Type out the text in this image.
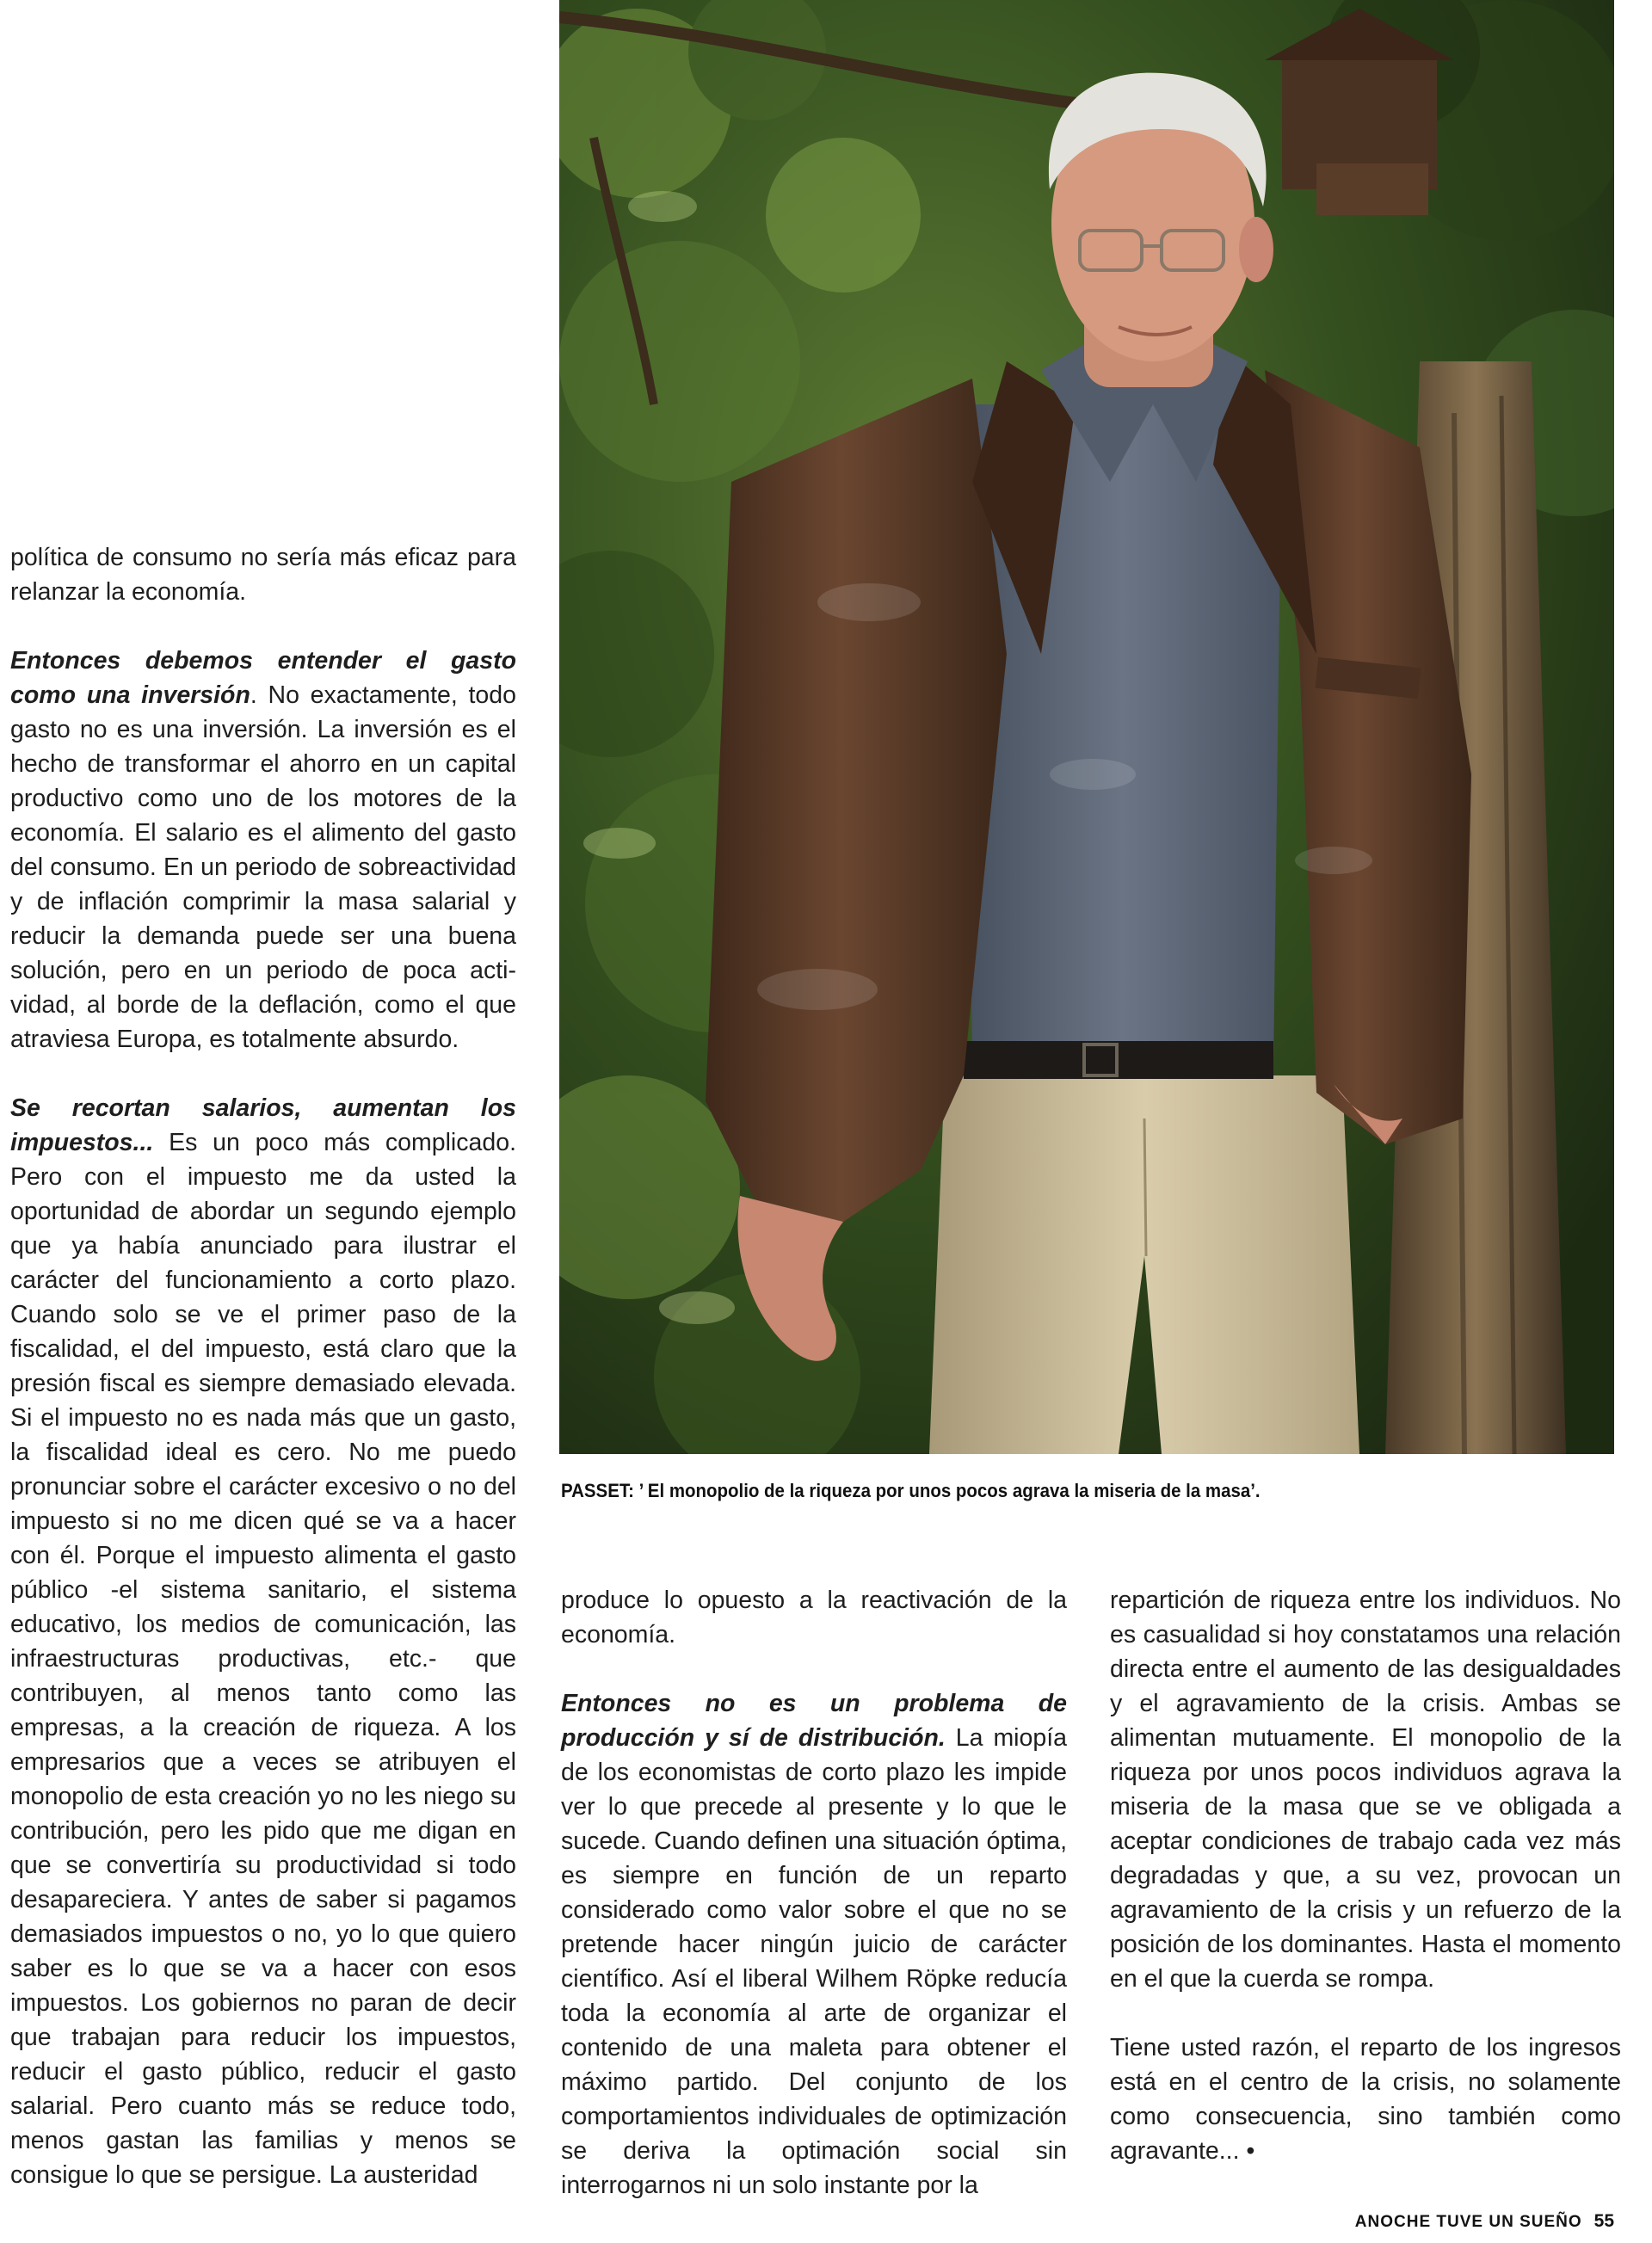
política de consumo no sería más eficaz para relanzar la economía.

Entonces debemos entender el gasto como una inversión. No exactamente, todo gasto no es una inversión. La inversión es el hecho de transformar el ahorro en un capital productivo como uno de los motores de la economía. El salario es el alimento del gasto del consumo. En un periodo de sobreactividad y de inflación comprimir la masa salarial y reducir la demanda puede ser una buena solución, pero en un periodo de poca actividad, al borde de la deflación, como el que atraviesa Europa, es totalmente absurdo.

Se recortan salarios, aumentan los impuestos... Es un poco más complicado. Pero con el impuesto me da usted la oportunidad de abordar un segundo ejemplo que ya había anunciado para ilustrar el carácter del funcionamiento a corto plazo. Cuando solo se ve el primer paso de la fiscalidad, el del impuesto, está claro que la presión fiscal es siempre demasiado elevada. Si el impuesto no es nada más que un gasto, la fiscalidad ideal es cero. No me puedo pronunciar sobre el carácter excesivo o no del impuesto si no me dicen qué se va a hacer con él. Porque el impuesto alimenta el gasto público -el sistema sanitario, el sistema educativo, los medios de comunicación, las infraestructuras productivas, etc.- que contribuyen, al menos tanto como las empresas, a la creación de riqueza. A los empresarios que a veces se atribuyen el monopolio de esta creación yo no les niego su contribución, pero les pido que me digan en que se convertiría su productividad si todo desapareciera. Y antes de saber si pagamos demasiados impuestos o no, yo lo que quiero saber es lo que se va a hacer con esos impuestos. Los gobiernos no paran de decir que trabajan para reducir los impuestos, reducir el gasto público, reducir el gasto salarial. Pero cuanto más se reduce todo, menos gastan las familias y menos se consigue lo que se persigue. La austeridad

PASSET: ’ El monopolio de la riqueza por unos pocos agrava la miseria de la masa’.

produce lo opuesto a la reactivación de la economía.

Entonces no es un problema de producción y sí de distribución. La miopía de los economistas de corto plazo les impide ver lo que precede al presente y lo que le sucede. Cuando definen una situación óptima, es siempre en función de un reparto considerado como valor sobre el que no se pretende hacer ningún juicio de carácter científico. Así el liberal Wilhem Röpke reducía toda la economía al arte de organizar el contenido de una maleta para obtener el máximo partido. Del conjunto de los comportamientos individuales de optimización se deriva la optimación social sin interrogarnos ni un solo instante por la

repartición de riqueza entre los individuos. No es casualidad si hoy constatamos una relación directa entre el aumento de las desigualdades y el agravamiento de la crisis. Ambas se alimentan mutuamente. El monopolio de la riqueza por unos pocos individuos agrava la miseria de la masa que se ve obligada a aceptar condiciones de trabajo cada vez más degradadas y que, a su vez, provocan un agravamiento de la crisis y un refuerzo de la posición de los dominantes. Hasta el momento en el que la cuerda se rompa.

Tiene usted razón, el reparto de los ingresos está en el centro de la crisis, no solamente como consecuencia, sino también como agravante... •

ANOCHE TUVE UN SUEÑO 55
